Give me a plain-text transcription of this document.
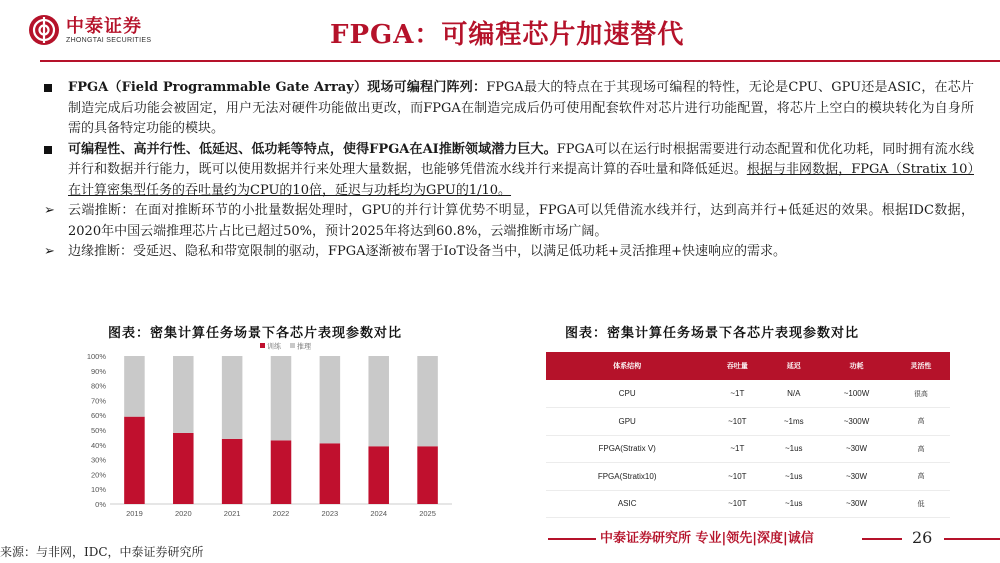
中泰证券
ZHONGTAI SECURITIES	FPGA：可编程芯片加速替代
FPGA（Field Programmable Gate Array）现场可编程门阵列：FPGA最大的特点在于其现场可编程的特性，无论是CPU、GPU还是ASIC，在芯片制造完成后功能会被固定，用户无法对硬件功能做出更改，而FPGA在制造完成后仍可使用配套软件对芯片进行功能配置，将芯片上空白的模块转化为自身所需的具备特定功能的模块。
可编程性、高并行性、低延迟、低功耗等特点，使得FPGA在AI推断领域潜力巨大。FPGA可以在运行时根据需要进行动态配置和优化功耗，同时拥有流水线并行和数据并行能力，既可以使用数据并行来处理大量数据，也能够凭借流水线并行来提高计算的吞吐量和降低延迟。根据与非网数据，FPGA（Stratix 10）在计算密集型任务的吞吐量约为CPU的10倍，延迟与功耗均为GPU的1/10。
➢	云端推断：在面对推断环节的小批量数据处理时，GPU的并行计算优势不明显，FPGA可以凭借流水线并行，达到高并行+低延迟的效果。根据IDC数据，2020年中国云端推理芯片占比已超过50%，预计2025年将达到60.8%，云端推断市场广阔。
➢	边缘推断：受延迟、隐私和带宽限制的驱动，FPGA逐渐被布署于IoT设备当中，以满足低功耗+灵活推理+快速响应的需求。
图表：密集计算任务场景下各芯片表现参数对比	图表：密集计算任务场景下各芯片表现参数对比
0%
10%
20%
30%
40%
50%
60%
70%
80%
90%
100%
2019	2020	2021	2022	2023	2024	2025
训练 推理
体系结构	吞吐量	延迟	功耗	灵活性
CPU	~1T	N/A	~100W	很高
GPU	~10T	~1ms	~300W	高
FPGA(Stratix V)	~1T	~1us	~30W	高
FPGA(Stratix10)	~10T	~1us	~30W	高
ASIC	~10T	~1us	~30W	低
中泰证券研究所 专业|领先|深度|诚信	26
来源：与非网，IDC，中泰证券研究所
